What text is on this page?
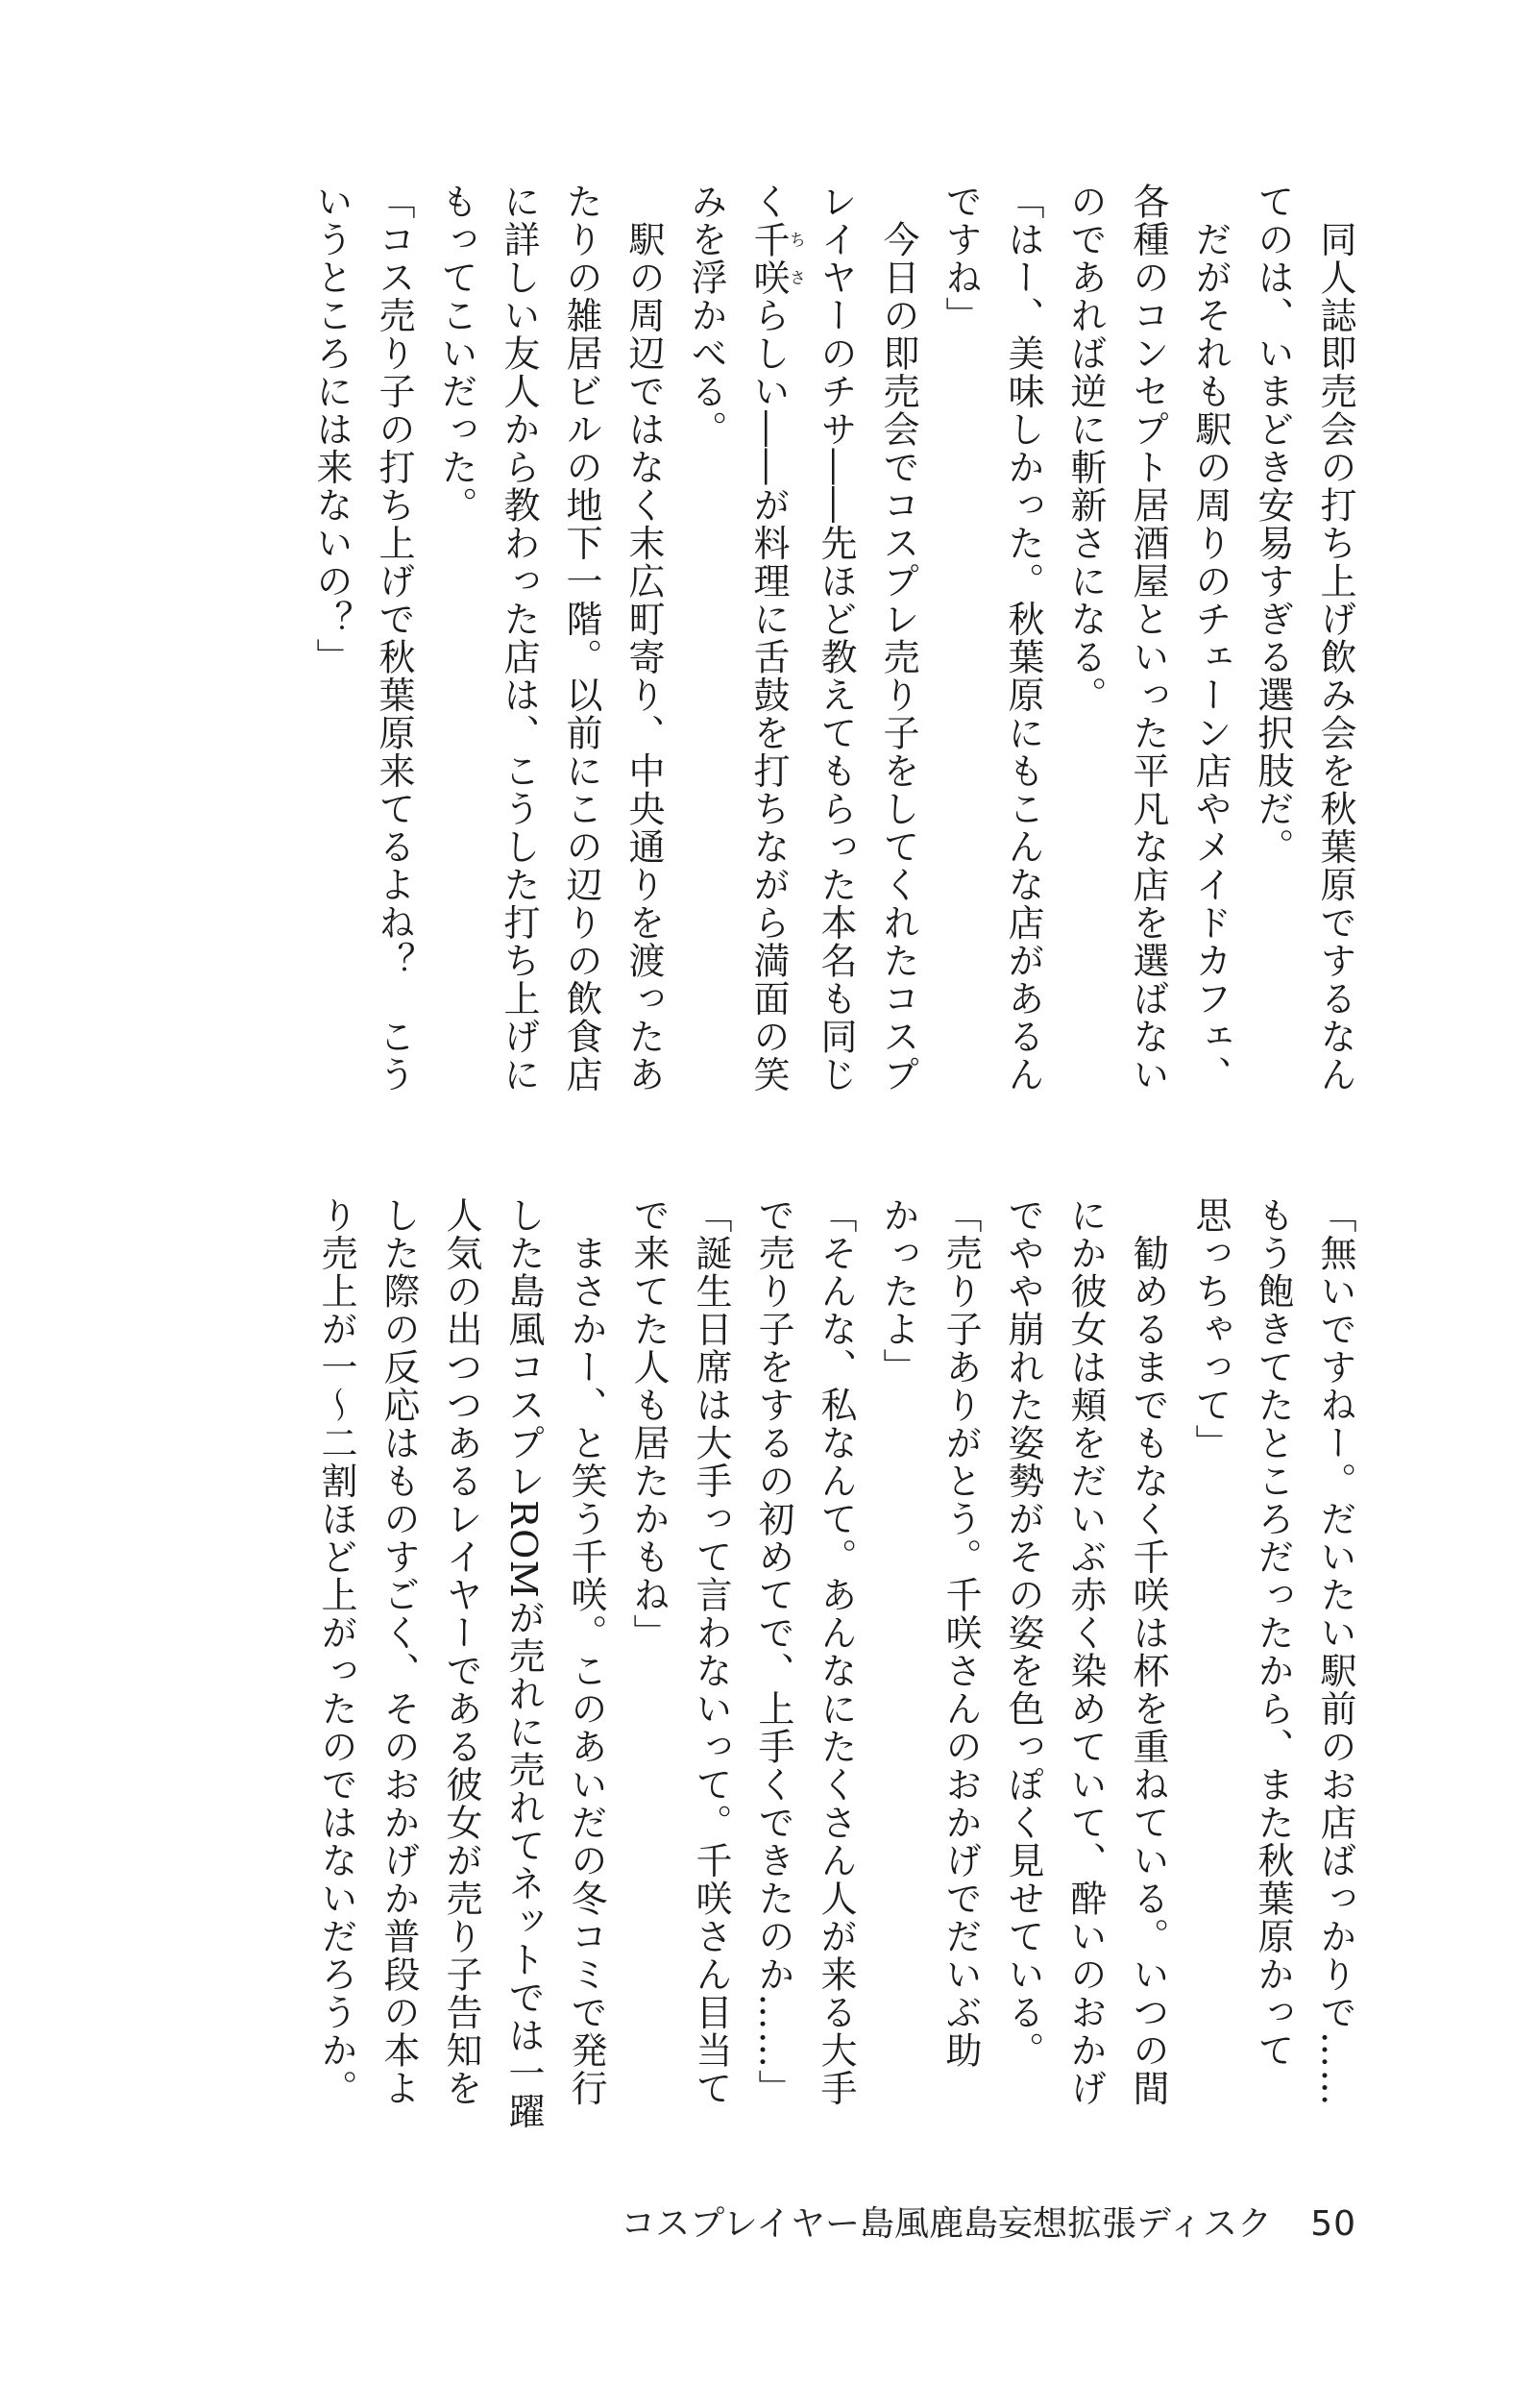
　同人誌即売会の打ち上げ飲み会を秋葉原でするなん
てのは、いまどき安易すぎる選択肢だ。
　だがそれも駅の周りのチェーン店やメイドカフェ、
各種のコンセプト居酒屋といった平凡な店を選ばない
のであれば逆に斬新さになる。
「はー、美味しかった。秋葉原にもこんな店があるん
ですね」
　今日の即売会でコスプレ売り子をしてくれたコスプ
レイヤーのチサ――先ほど教えてもらった本名も同じ
く千咲ちさらしい――が料理に舌鼓を打ちながら満面の笑
みを浮かべる。
　駅の周辺ではなく末広町寄り、中央通りを渡ったあ
たりの雑居ビルの地下一階。以前にこの辺りの飲食店
に詳しい友人から教わった店は、こうした打ち上げに
もってこいだった。
「コス売り子の打ち上げで秋葉原来てるよね？　こう
いうところには来ないの？」
「無いですねー。だいたい駅前のお店ばっかりで……
もう飽きてたところだったから、また秋葉原かって
思っちゃって」
　勧めるまでもなく千咲は杯を重ねている。いつの間
にか彼女は頬をだいぶ赤く染めていて、酔いのおかげ
でやや崩れた姿勢がその姿を色っぽく見せている。
「売り子ありがとう。千咲さんのおかげでだいぶ助
かったよ」
「そんな、私なんて。あんなにたくさん人が来る大手
で売り子をするの初めてで、上手くできたのか……」
「誕生日席は大手って言わないって。千咲さん目当て
で来てた人も居たかもね」
　まさかー、と笑う千咲。このあいだの冬コミで発行
した島風コスプレROMが売れに売れてネットでは一躍
人気の出つつあるレイヤーである彼女が売り子告知を
した際の反応はものすごく、そのおかげか普段の本よ
り売上が一～二割ほど上がったのではないだろうか。
コスプレイヤー島風鹿島妄想拡張ディスク 50
